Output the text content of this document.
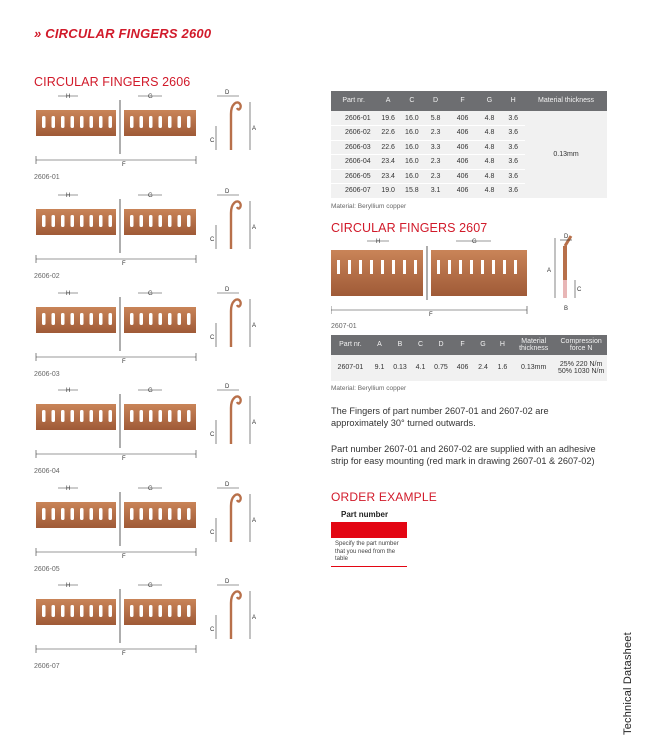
» CIRCULAR FINGERS 2600
CIRCULAR FINGERS 2606
H	G
F
D
A
C
2606-01
H	G
F
D
A
C
2606-02
H	G
F
D
A
C
2606-03
H	G
F
D
A
C
2606-04
H	G
F
D
A
C
2606-05
H	G
F
D
A
C
2606-07
Part nr.	A	C	D	F	G	H	Material thickness
2606-01	19.6	16.0	5.8	406	4.8	3.6	0.13mm
2606-02	22.6	16.0	2.3	406	4.8	3.6	
2606-03	22.6	16.0	3.3	406	4.8	3.6	
2606-04	23.4	16.0	2.3	406	4.8	3.6	
2606-05	23.4	16.0	2.3	406	4.8	3.6	
2606-07	19.0	15.8	3.1	406	4.8	3.6	
Material: Beryllium copper
CIRCULAR FINGERS 2607
F
H	G
A
C
D
B
2607-01
Part nr.	A	B	C	D	F	G	H	Material thickness	Compression force N
2607-01	9.1	0.13	4.1	0.75	406	2.4	1.6	0.13mm	25% 220 N/m
50% 1030 N/m
Material: Beryllium copper
The Fingers of part number 2607-01 and 2607-02 are approximately 30° turned outwards.
Part number 2607-01 and 2607-02 are supplied with an adhesive strip for easy mounting (red mark in drawing 2607-01 & 2607-02)
ORDER EXAMPLE
Part number
Specify the part number that you need from the table
Technical Datasheet
